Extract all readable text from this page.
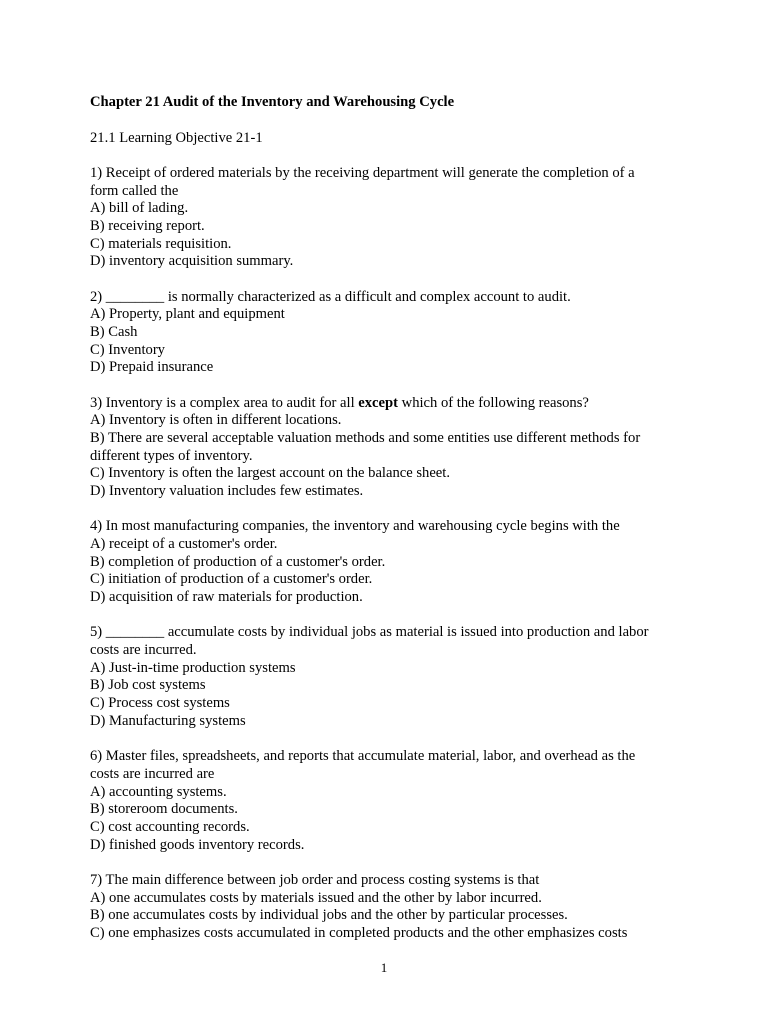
Chapter 21 Audit of the Inventory and Warehousing Cycle
21.1 Learning Objective 21-1
1) Receipt of ordered materials by the receiving department will generate the completion of a
form called the
A) bill of lading.
B) receiving report.
C) materials requisition.
D) inventory acquisition summary.
2) ________ is normally characterized as a difficult and complex account to audit.
A) Property, plant and equipment
B) Cash
C) Inventory
D) Prepaid insurance
3) Inventory is a complex area to audit for all except which of the following reasons?
A) Inventory is often in different locations.
B) There are several acceptable valuation methods and some entities use different methods for
different types of inventory.
C) Inventory is often the largest account on the balance sheet.
D) Inventory valuation includes few estimates.
4) In most manufacturing companies, the inventory and warehousing cycle begins with the
A) receipt of a customer's order.
B) completion of production of a customer's order.
C) initiation of production of a customer's order.
D) acquisition of raw materials for production.
5) ________ accumulate costs by individual jobs as material is issued into production and labor
costs are incurred.
A) Just-in-time production systems
B) Job cost systems
C) Process cost systems
D) Manufacturing systems
6) Master files, spreadsheets, and reports that accumulate material, labor, and overhead as the
costs are incurred are
A) accounting systems.
B) storeroom documents.
C) cost accounting records.
D) finished goods inventory records.
7) The main difference between job order and process costing systems is that
A) one accumulates costs by materials issued and the other by labor incurred.
B) one accumulates costs by individual jobs and the other by particular processes.
C) one emphasizes costs accumulated in completed products and the other emphasizes costs
1
